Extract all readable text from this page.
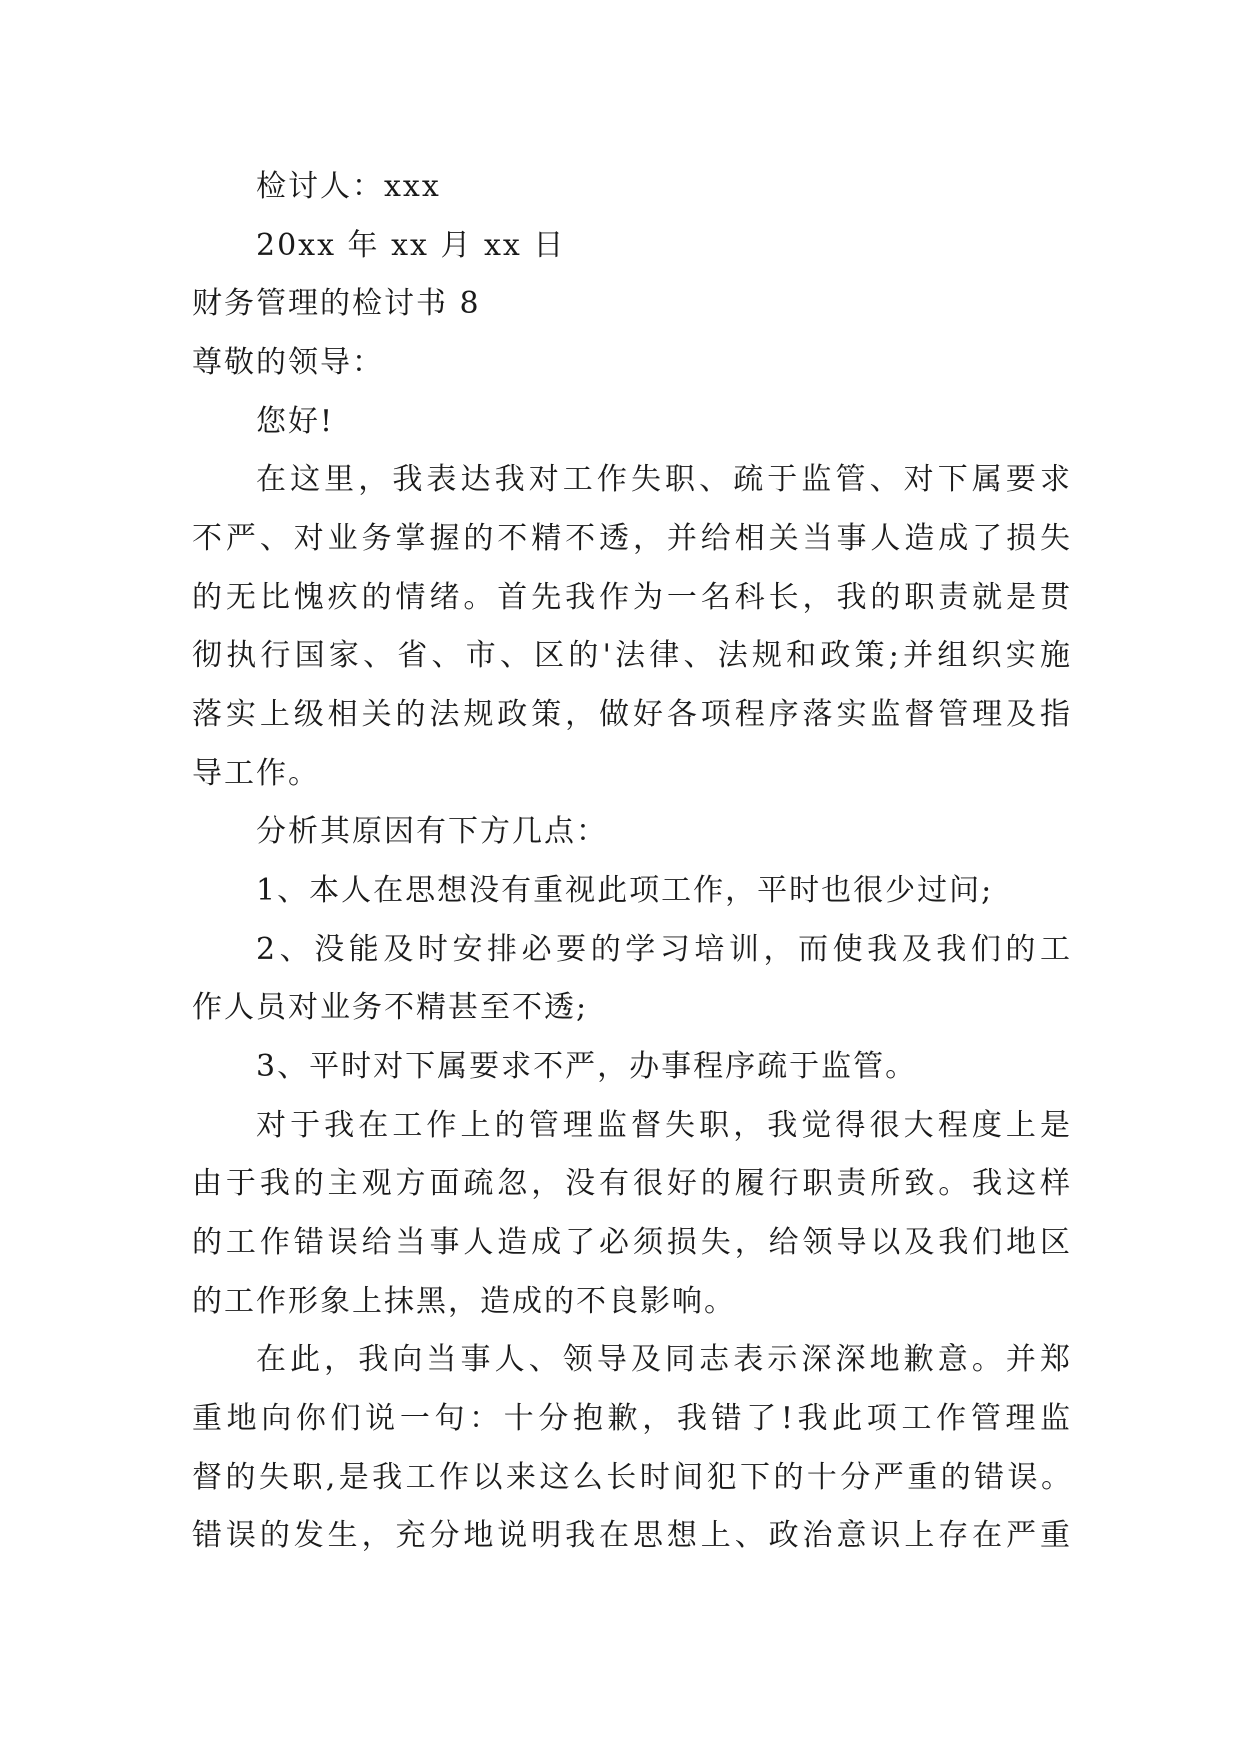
检讨人：xxx
20xx 年 xx 月 xx 日
财务管理的检讨书 8
尊敬的领导：
您好!
在这里，我表达我对工作失职、疏于监管、对下属要求
不严、对业务掌握的不精不透，并给相关当事人造成了损失
的无比愧疚的情绪。首先我作为一名科长，我的职责就是贯
彻执行国家、省、市、区的'法律、法规和政策;并组织实施
落实上级相关的法规政策，做好各项程序落实监督管理及指
导工作。
分析其原因有下方几点：
1、本人在思想没有重视此项工作，平时也很少过问;
2、没能及时安排必要的学习培训，而使我及我们的工
作人员对业务不精甚至不透;
3、平时对下属要求不严，办事程序疏于监管。
对于我在工作上的管理监督失职，我觉得很大程度上是
由于我的主观方面疏忽，没有很好的履行职责所致。我这样
的工作错误给当事人造成了必须损失，给领导以及我们地区
的工作形象上抹黑，造成的不良影响。
在此，我向当事人、领导及同志表示深深地歉意。并郑
重地向你们说一句：十分抱歉，我错了!我此项工作管理监
督的失职,是我工作以来这么长时间犯下的十分严重的错误。
错误的发生，充分地说明我在思想上、政治意识上存在严重
